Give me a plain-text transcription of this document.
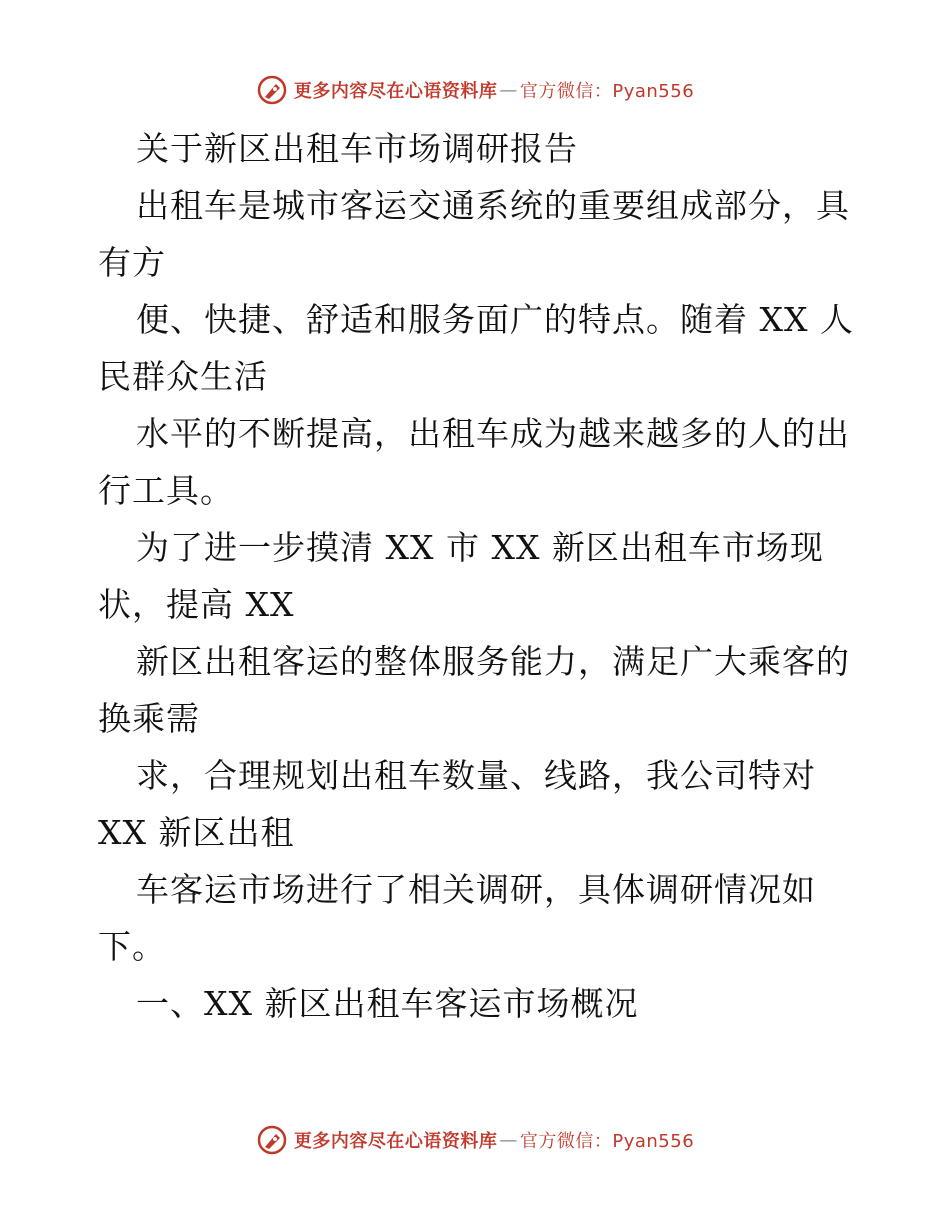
更多内容尽在心语资料库 — 官方微信：Pyan556
关于新区出租车市场调研报告
出租车是城市客运交通系统的重要组成部分，具
有方
便、快捷、舒适和服务面广的特点。随着 XX 人
民群众生活
水平的不断提高，出租车成为越来越多的人的出
行工具。
为了进一步摸清 XX 市 XX 新区出租车市场现
状，提高 XX
新区出租客运的整体服务能力，满足广大乘客的
换乘需
求，合理规划出租车数量、线路，我公司特对
XX 新区出租
车客运市场进行了相关调研，具体调研情况如
下。
一、XX 新区出租车客运市场概况
更多内容尽在心语资料库 — 官方微信：Pyan556
